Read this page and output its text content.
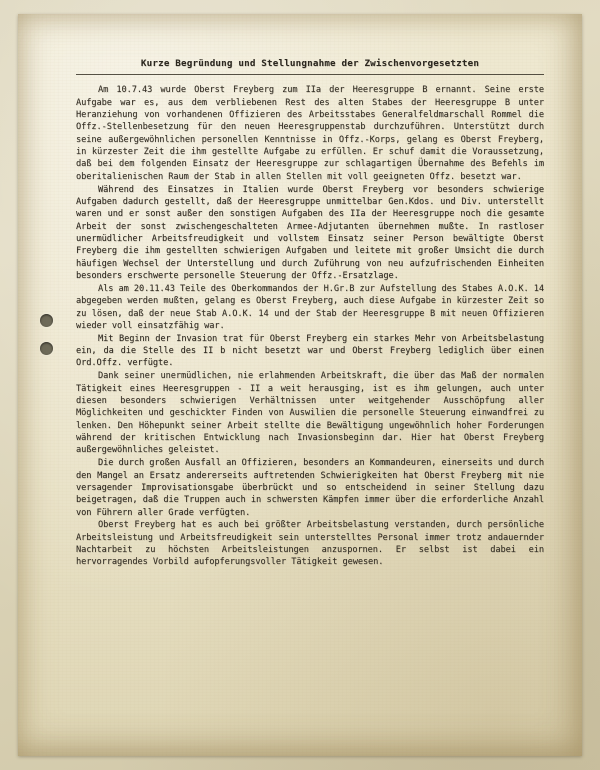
Kurze Begründung und Stellungnahme der Zwischenvorgesetzten

Am 10.7.43 wurde Oberst Freyberg zum IIa der Heeresgruppe B ernannt. Seine erste Aufgabe war es, aus dem verbliebenen Rest des alten Stabes der Heeresgruppe B unter Heranziehung von vorhandenen Offizieren des Arbeitsstabes Generalfeldmarschall Rommel die Offz.-Stellenbesetzung für den neuen Heeresgruppenstab durchzuführen. Unterstützt durch seine außergewöhnlichen personellen Kenntnisse in Offz.-Korps, gelang es Oberst Freyberg, in kürzester Zeit die ihm gestellte Aufgabe zu erfüllen. Er schuf damit die Voraussetzung, daß bei dem folgenden Einsatz der Heeresgruppe zur schlagartigen Übernahme des Befehls im oberitalienischen Raum der Stab in allen Stellen mit voll geeigneten Offz. besetzt war.

Während des Einsatzes in Italien wurde Oberst Freyberg vor besonders schwierige Aufgaben dadurch gestellt, daß der Heeresgruppe unmittelbar Gen.Kdos. und Div. unterstellt waren und er sonst außer den sonstigen Aufgaben des IIa der Heeresgruppe noch die gesamte Arbeit der sonst zwischengeschalteten Armee-Adjutanten übernehmen mußte. In rastloser unermüdlicher Arbeitsfreudigkeit und vollstem Einsatz seiner Person bewältigte Oberst Freyberg die ihm gestellten schwierigen Aufgaben und leitete mit großer Umsicht die durch häufigen Wechsel der Unterstellung und durch Zuführung von neu aufzufrischenden Einheiten besonders erschwerte personelle Steuerung der Offz.-Ersatzlage.

Als am 20.11.43 Teile des Oberkommandos der H.Gr.B zur Aufstellung des Stabes A.O.K. 14 abgegeben werden mußten, gelang es Oberst Freyberg, auch diese Aufgabe in kürzester Zeit so zu lösen, daß der neue Stab A.O.K. 14 und der Stab der Heeresgruppe B mit neuen Offizieren wieder voll einsatzfähig war.

Mit Beginn der Invasion trat für Oberst Freyberg ein starkes Mehr von Arbeitsbelastung ein, da die Stelle des II b nicht besetzt war und Oberst Freyberg lediglich über einen Ord.Offz. verfügte.

Dank seiner unermüdlichen, nie erlahmenden Arbeitskraft, die über das Maß der normalen Tätigkeit eines Heeresgruppen - II a weit herausging, ist es ihm gelungen, auch unter diesen besonders schwierigen Verhältnissen unter weitgehender Ausschöpfung aller Möglichkeiten und geschickter Finden von Auswilien die personelle Steuerung einwandfrei zu lenken. Den Höhepunkt seiner Arbeit stellte die Bewältigung ungewöhnlich hoher Forderungen während der kritischen Entwicklung nach Invasionsbeginn dar. Hier hat Oberst Freyberg außergewöhnliches geleistet.

Die durch großen Ausfall an Offizieren, besonders an Kommandeuren, einerseits und durch den Mangel an Ersatz andererseits auftretenden Schwierigkeiten hat Oberst Freyberg mit nie versagender Improvisationsgabe überbrückt und so entscheidend in seiner Stellung dazu beigetragen, daß die Truppen auch in schwersten Kämpfen immer über die erforderliche Anzahl von Führern aller Grade verfügten.

Oberst Freyberg hat es auch bei größter Arbeitsbelastung verstanden, durch persönliche Arbeitsleistung und Arbeitsfreudigkeit sein unterstelltes Personal immer trotz andauernder Nachtarbeit zu höchsten Arbeitsleistungen anzuspornen. Er selbst ist dabei ein hervorragendes Vorbild aufopferungsvoller Tätigkeit gewesen.
